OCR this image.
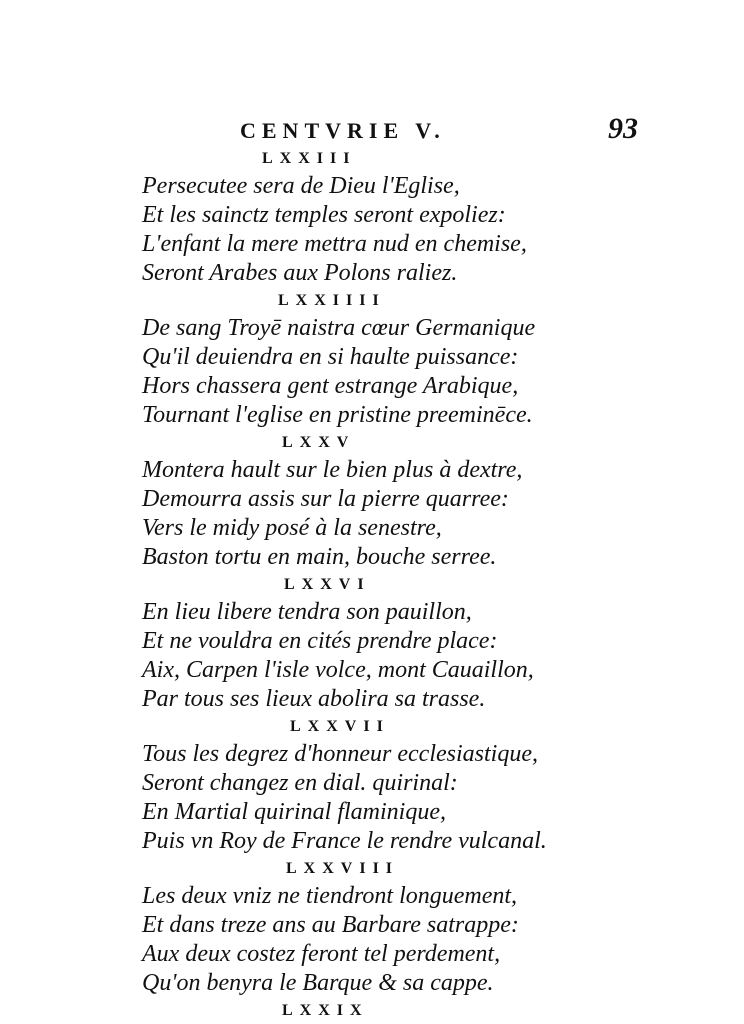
CENTVRIE V.	93
LXXIII
Persecutee sera de Dieu l'Eglise,
Et les sainctz temples seront expoliez:
L'enfant la mere mettra nud en chemise,
Seront Arabes aux Polons raliez.
LXXIIII
De sang Troyē naistra cœur Germanique
Qu'il deuiendra en si haulte puissance:
Hors chassera gent estrange Arabique,
Tournant l'eglise en pristine preeminēce.
LXXV
Montera hault sur le bien plus à dextre,
Demourra assis sur la pierre quarree:
Vers le midy posé à la senestre,
Baston tortu en main, bouche serree.
LXXVI
En lieu libere tendra son pauillon,
Et ne vouldra en cités prendre place:
Aix, Carpen l'isle volce, mont Cauaillon,
Par tous ses lieux abolira sa trasse.
LXXVII
Tous les degrez d'honneur ecclesiastique,
Seront changez en dial. quirinal:
En Martial quirinal flaminique,
Puis vn Roy de France le rendre vulcanal.
LXXVIII
Les deux vniz ne tiendront longuement,
Et dans treze ans au Barbare satrappe:
Aux deux costez feront tel perdement,
Qu'on benyra le Barque & sa cappe.
LXXIX
